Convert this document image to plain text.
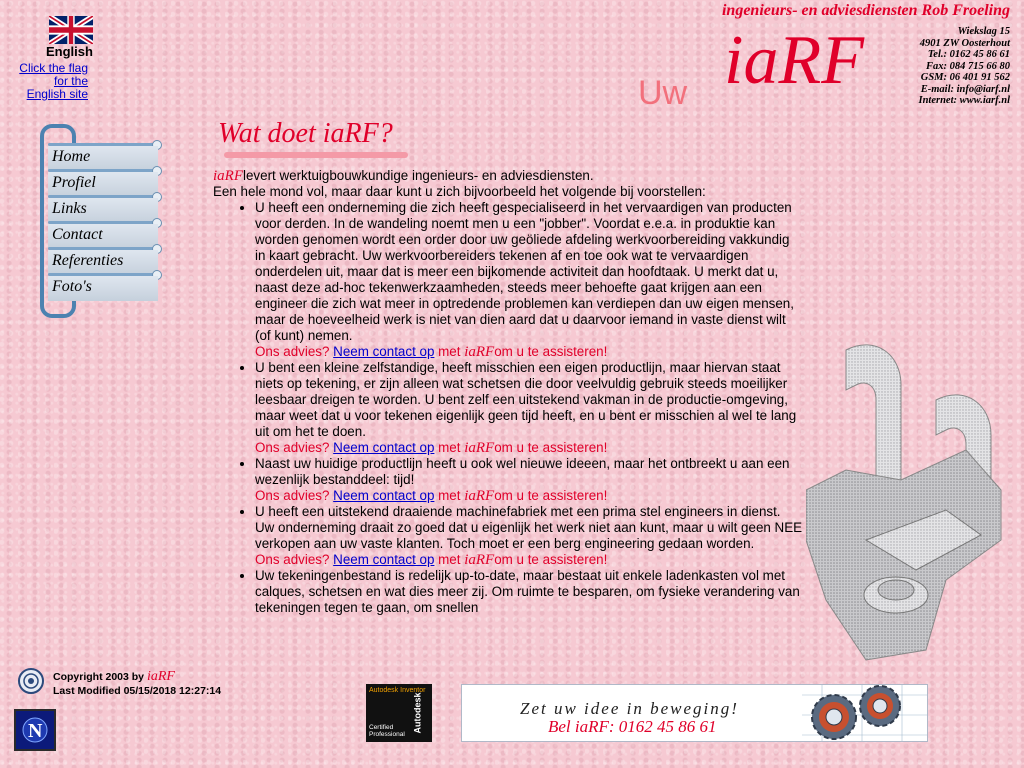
English
Click the flag for the English site
ingenieurs- en adviesdiensten Rob Froeling
Uw iaRF	Wiekslag 15
4901 ZW Oosterhout
Tel.: 0162 45 86 61
Fax: 084 715 66 80
GSM: 06 401 91 562
E-mail: info@iarf.nl
Internet: www.iarf.nl
Home
Profiel
Links
Contact
Referenties
Foto's
Wat doet iaRF?

iaRFlevert werktuigbouwkundige ingenieurs- en adviesdiensten.

Een hele mond vol, maar daar kunt u zich bijvoorbeeld het volgende bij voorstellen:

• U heeft een onderneming die zich heeft gespecialiseerd in het vervaardigen van producten voor derden. In de wandeling noemt men u een "jobber". Voordat e.e.a. in produktie kan worden genomen wordt een order door uw geöliede afdeling werkvoorbereiding vakkundig in kaart gebracht. Uw werkvoorbereiders tekenen af en toe ook wat te vervaardigen onderdelen uit, maar dat is meer een bijkomende activiteit dan hoofdtaak. U merkt dat u, naast deze ad-hoc tekenwerkzaamheden, steeds meer behoefte gaat krijgen aan een engineer die zich wat meer in optredende problemen kan verdiepen dan uw eigen mensen, maar de hoeveelheid werk is niet van dien aard dat u daarvoor iemand in vaste dienst wilt (of kunt) nemen.
Ons advies? Neem contact op met iaRFom u te assisteren!
• U bent een kleine zelfstandige, heeft misschien een eigen productlijn, maar hiervan staat niets op tekening, er zijn alleen wat schetsen die door veelvuldig gebruik steeds moeilijker leesbaar dreigen te worden. U bent zelf een uitstekend vakman in de productie-omgeving, maar weet dat u voor tekenen eigenlijk geen tijd heeft, en u bent er misschien al wel te lang uit om het te doen.
Ons advies? Neem contact op met iaRFom u te assisteren!
• Naast uw huidige productlijn heeft u ook wel nieuwe ideeen, maar het ontbreekt u aan een wezenlijk bestanddeel: tijd!
Ons advies? Neem contact op met iaRFom u te assisteren!
• U heeft een uitstekend draaiende machinefabriek met een prima stel engineers in dienst. Uw onderneming draait zo goed dat u eigenlijk het werk niet aan kunt, maar u wilt geen NEE verkopen aan uw vaste klanten. Toch moet er een berg engineering gedaan worden.
Ons advies? Neem contact op met iaRFom u te assisteren!
• Uw tekeningenbestand is redelijk up-to-date, maar bestaat uit enkele ladenkasten vol met calques, schetsen en wat dies meer zij. Om ruimte te besparen, om fysieke verandering van tekeningen tegen te gaan, om snellen
Copyright 2003 by iaRF
Last Modified 05/15/2018 12:27:14
N
Autodesk Inventor
Certified Professional
Autodesk	Zet uw idee in beweging!
Bel iaRF: 0162 45 86 61
